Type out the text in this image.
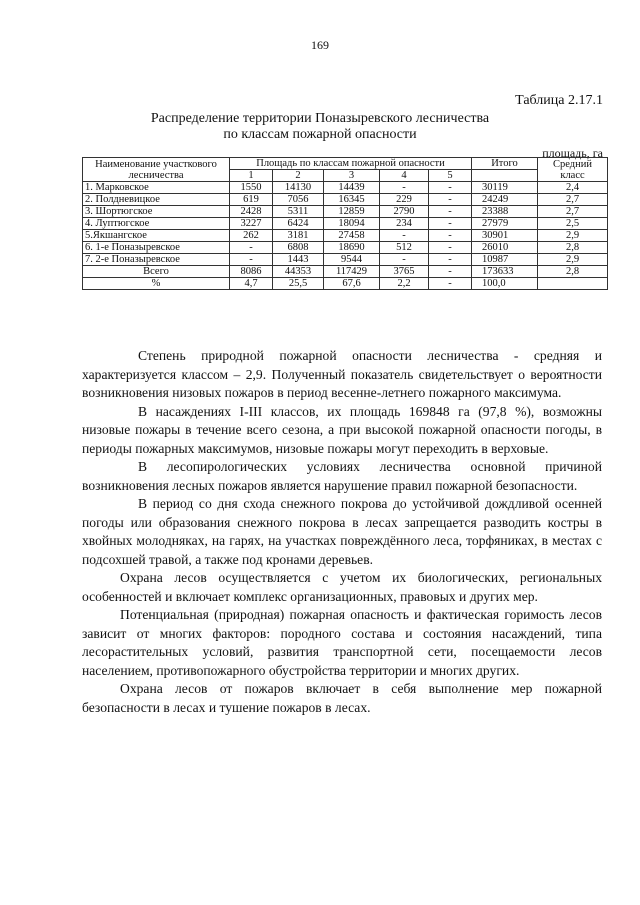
169
Таблица 2.17.1
Распределение территории Поназыревского лесничества
по классам пожарной опасности
площадь, га
Наименование участкового лесничества	Площадь по классам пожарной опасности					Итого	Средний класс
	1	2	3	4	5		
1. Марковское	1550	14130	14439	-	-	30119	2,4
2. Полдневицкое	619	7056	16345	229	-	24249	2,7
3. Шортюгское	2428	5311	12859	2790	-	23388	2,7
4. Луптюгское	3227	6424	18094	234	-	27979	2,5
5.Якшангское	262	3181	27458	-	-	30901	2,9
6. 1-е Поназыревское	-	6808	18690	512	-	26010	2,8
7. 2-е Поназыревское	-	1443	9544	-	-	10987	2,9
Всего	8086	44353	117429	3765	-	173633	2,8
%	4,7	25,5	67,6	2,2	-	100,0	

Степень природной пожарной опасности лесничества - средняя и характеризуется классом – 2,9. Полученный показатель свидетельствует о вероятности возникновения низовых пожаров в период весенне-летнего пожарного максимума.

В насаждениях I-III классов, их площадь 169848 га (97,8 %), возможны низовые пожары в течение всего сезона, а при высокой пожарной опасности погоды, в периоды пожарных максимумов, низовые пожары могут переходить в верховые.

В лесопирологических условиях лесничества основной причиной возникновения лесных пожаров является нарушение правил пожарной безопасности.

В период со дня схода снежного покрова до устойчивой дождливой осенней погоды или образования снежного покрова в лесах запрещается разводить костры в хвойных молодняках, на гарях, на участках повреждённого леса, торфяниках, в местах с подсохшей травой, а также под кронами деревьев.

Охрана лесов осуществляется с учетом их биологических, региональных особенностей и включает комплекс организационных, правовых и других мер.

Потенциальная (природная) пожарная опасность и фактическая горимость лесов зависит от многих факторов: породного состава и состояния насаждений, типа лесорастительных условий, развития транспортной сети, посещаемости лесов населением, противопожарного обустройства территории и многих других.

Охрана лесов от пожаров включает в себя выполнение мер пожарной безопасности в лесах и тушение пожаров в лесах.
